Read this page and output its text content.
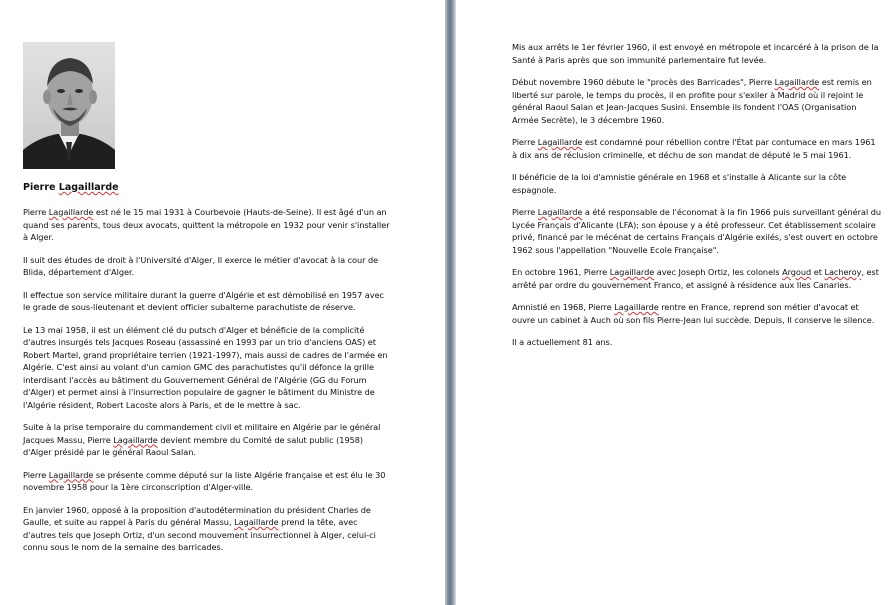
Pierre Lagaillarde

Pierre Lagaillarde est né le 15 mai 1931 à Courbevoie (Hauts-de-Seine). Il est âgé d'un an quand ses parents, tous deux avocats, quittent la métropole en 1932 pour venir s'installer à Alger.

Il suit des études de droit à l'Université d'Alger, Il exerce le métier d'avocat à la cour de Blida, département d'Alger.

Il effectue son service militaire durant la guerre d'Algérie et est démobilisé en 1957 avec le grade de sous-lieutenant et devient officier subalterne parachutiste de réserve.

Le 13 mai 1958, il est un élément clé du putsch d'Alger et bénéficie de la complicité d'autres insurgés tels Jacques Roseau (assassiné en 1993 par un trio d'anciens OAS) et Robert Martel, grand propriétaire terrien (1921-1997), mais aussi de cadres de l'armée en Algérie. C'est ainsi au volant d'un camion GMC des parachutistes qu'il défonce la grille interdisant l'accès au bâtiment du Gouvernement Général de l'Algérie (GG du Forum d'Alger) et permet ainsi à l'insurrection populaire de gagner le bâtiment du Ministre de l'Algérie résident, Robert Lacoste alors à Paris, et de le mettre à sac.

Suite à la prise temporaire du commandement civil et militaire en Algérie par le général Jacques Massu, Pierre Lagaillarde devient membre du Comité de salut public (1958) d'Alger présidé par le général Raoul Salan.

Pierre Lagaillarde se présente comme député sur la liste Algérie française et est élu le 30 novembre 1958 pour la 1ère circonscription d'Alger-ville.

En janvier 1960, opposé à la proposition d'autodétermination du président Charles de Gaulle, et suite au rappel à Paris du général Massu, Lagaillarde prend la tête, avec d'autres tels que Joseph Ortiz, d'un second mouvement insurrectionnel à Alger, celui-ci connu sous le nom de la semaine des barricades.

Mis aux arrêts le 1er février 1960, il est envoyé en métropole et incarcéré à la prison de la Santé à Paris après que son immunité parlementaire fut levée.

Début novembre 1960 débute le "procès des Barricades", Pierre Lagaillarde est remis en liberté sur parole, le temps du procès, il en profite pour s'exiler à Madrid où il rejoint le général Raoul Salan et Jean-Jacques Susini. Ensemble ils fondent l'OAS (Organisation Armée Secrète), le 3 décembre 1960.

Pierre Lagaillarde est condamné pour rébellion contre l'État par contumace en mars 1961 à dix ans de réclusion criminelle, et déchu de son mandat de député le 5 mai 1961.

Il bénéficie de la loi d'amnistie générale en 1968 et s'installe à Alicante sur la côte espagnole.

Pierre Lagaillarde a été responsable de l'économat à la fin 1966 puis surveillant général du Lycée Français d'Alicante (LFA); son épouse y a été professeur. Cet établissement scolaire privé, financé par le mécénat de certains Français d'Algérie exilés, s'est ouvert en octobre 1962 sous l'appellation "Nouvelle Ecole Française".

En octobre 1961, Pierre Lagaillarde avec Joseph Ortiz, les colonels Argoud et Lacheroy, est arrêté par ordre du gouvernement Franco, et assigné à résidence aux Iles Canaries.

Amnistié en 1968, Pierre Lagaillarde rentre en France, reprend son métier d'avocat et ouvre un cabinet à Auch où son fils Pierre-Jean lui succède. Depuis, Il conserve le silence.

Il a actuellement 81 ans.
